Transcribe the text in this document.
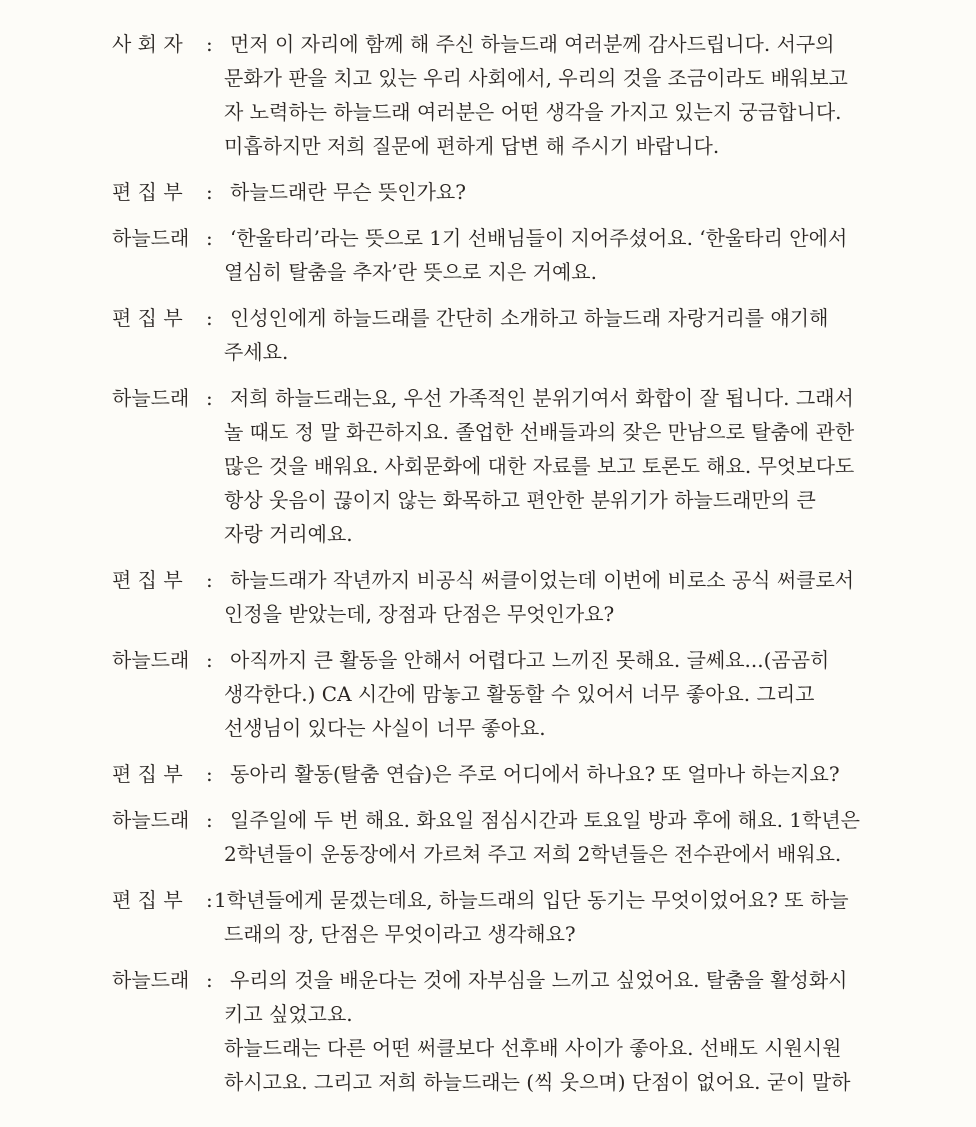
사 회 자 : 먼저 이 자리에 함께 해 주신 하늘드래 여러분께 감사드립니다. 서구의
문화가 판을 치고 있는 우리 사회에서, 우리의 것을 조금이라도 배워보고
자 노력하는 하늘드래 여러분은 어떤 생각을 가지고 있는지 궁금합니다.
미흡하지만 저희 질문에 편하게 답변 해 주시기 바랍니다.
편 집 부 : 하늘드래란 무슨 뜻인가요?
하늘드래 : ‘한울타리’라는 뜻으로 1기 선배님들이 지어주셨어요. ‘한울타리 안에서
열심히 탈춤을 추자’란 뜻으로 지은 거예요.
편 집 부 : 인성인에게 하늘드래를 간단히 소개하고 하늘드래 자랑거리를 얘기해
주세요.
하늘드래 : 저희 하늘드래는요, 우선 가족적인 분위기여서 화합이 잘 됩니다. 그래서
놀 때도 정 말 화끈하지요. 졸업한 선배들과의 잦은 만남으로 탈춤에 관한
많은 것을 배워요. 사회문화에 대한 자료를 보고 토론도 해요. 무엇보다도
항상 웃음이 끊이지 않는 화목하고 편안한 분위기가 하늘드래만의 큰
자랑 거리예요.
편 집 부 : 하늘드래가 작년까지 비공식 써클이었는데 이번에 비로소 공식 써클로서
인정을 받았는데, 장점과 단점은 무엇인가요?
하늘드래 : 아직까지 큰 활동을 안해서 어렵다고 느끼진 못해요. 글쎄요...(곰곰히
생각한다.) CA 시간에 맘놓고 활동할 수 있어서 너무 좋아요. 그리고
선생님이 있다는 사실이 너무 좋아요.
편 집 부 : 동아리 활동(탈춤 연습)은 주로 어디에서 하나요? 또 얼마나 하는지요?
하늘드래 : 일주일에 두 번 해요. 화요일 점심시간과 토요일 방과 후에 해요. 1학년은
2학년들이 운동장에서 가르쳐 주고 저희 2학년들은 전수관에서 배워요.
편 집 부 : 1학년들에게 묻겠는데요, 하늘드래의 입단 동기는 무엇이었어요? 또 하늘
드래의 장, 단점은 무엇이라고 생각해요?
하늘드래 : 우리의 것을 배운다는 것에 자부심을 느끼고 싶었어요. 탈춤을 활성화시
키고 싶었고요.
하늘드래는 다른 어떤 써클보다 선후배 사이가 좋아요. 선배도 시원시원
하시고요. 그리고 저희 하늘드래는 (씩 웃으며) 단점이 없어요. 굳이 말하
